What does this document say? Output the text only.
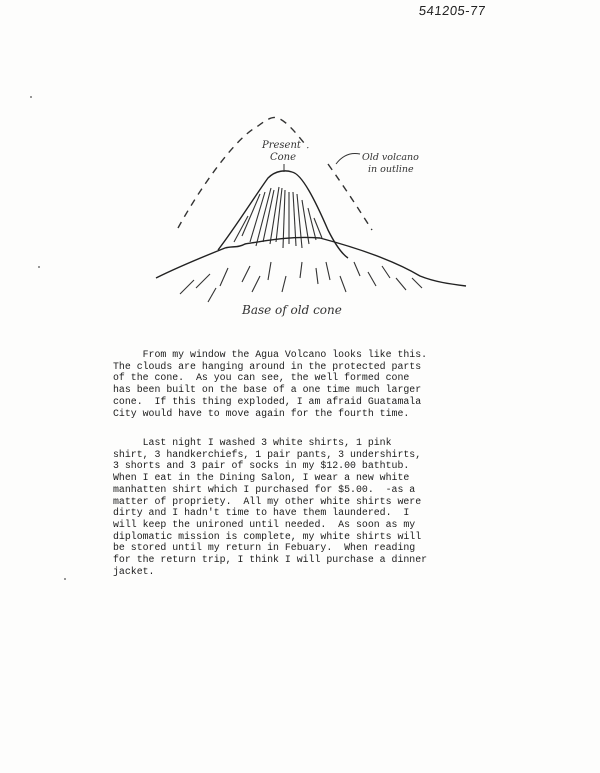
541205-77
Present
Cone	Old volcano
in outline
Base of old cone
From my window the Agua Volcano looks like this.
The clouds are hanging around in the protected parts
of the cone.  As you can see, the well formed cone
has been built on the base of a one time much larger
cone.  If this thing exploded, I am afraid Guatamala
City would have to move again for the fourth time.
Last night I washed 3 white shirts, 1 pink
shirt, 3 handkerchiefs, 1 pair pants, 3 undershirts,
3 shorts and 3 pair of socks in my $12.00 bathtub.
When I eat in the Dining Salon, I wear a new white
manhatten shirt which I purchased for $5.00.  -as a
matter of propriety.  All my other white shirts were
dirty and I hadn't time to have them laundered.  I
will keep the unironed until needed.  As soon as my
diplomatic mission is complete, my white shirts will
be stored until my return in Febuary.  When reading
for the return trip, I think I will purchase a dinner
jacket.
